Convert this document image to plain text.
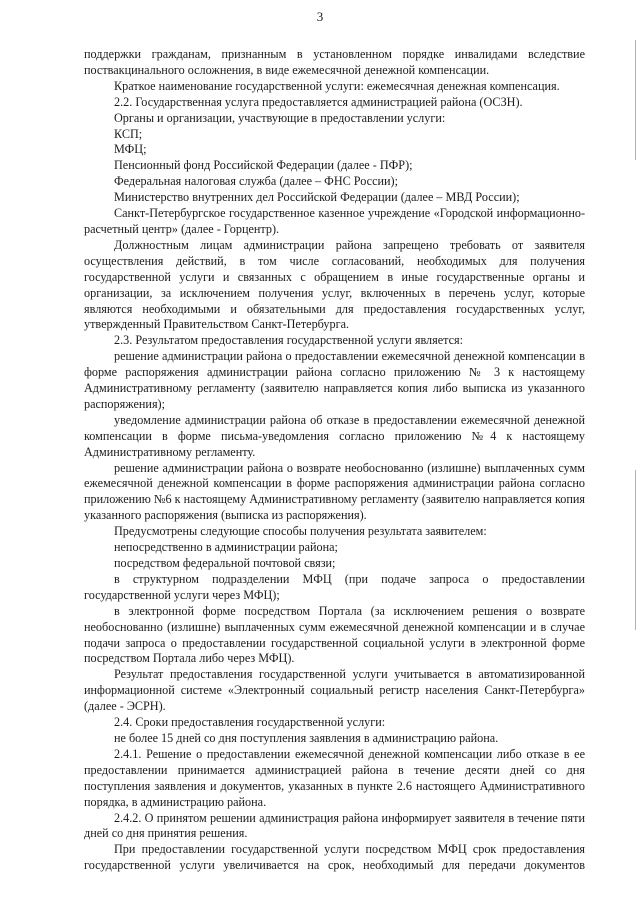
3

поддержки гражданам, признанным в установленном порядке инвалидами вследствие поствакцинального осложнения, в виде ежемесячной денежной компенсации.

Краткое наименование государственной услуги: ежемесячная денежная компенсация.

2.2. Государственная услуга предоставляется администрацией района (ОСЗН).

Органы и организации, участвующие в предоставлении услуги:

КСП;

МФЦ;

Пенсионный фонд Российской Федерации (далее - ПФР);

Федеральная налоговая служба (далее – ФНС России);

Министерство внутренних дел Российской Федерации (далее – МВД России);

Санкт-Петербургское государственное казенное учреждение «Городской информационно-расчетный центр» (далее - Горцентр).

Должностным лицам администрации района запрещено требовать от заявителя осуществления действий, в том числе согласований, необходимых для получения государственной услуги и связанных с обращением в иные государственные органы и организации, за исключением получения услуг, включенных в перечень услуг, которые являются необходимыми и обязательными для предоставления государственных услуг, утвержденный Правительством Санкт-Петербурга.

2.3. Результатом предоставления государственной услуги является:

решение администрации района о предоставлении ежемесячной денежной компенсации в форме распоряжения администрации района согласно приложению № 3 к настоящему Административному регламенту (заявителю направляется копия либо выписка из указанного распоряжения);

уведомление администрации района об отказе в предоставлении ежемесячной денежной компенсации в форме письма-уведомления согласно приложению №4 к настоящему Административному регламенту.

решение администрации района о возврате необоснованно (излишне) выплаченных сумм ежемесячной денежной компенсации в форме распоряжения администрации района согласно приложению №6 к настоящему Административному регламенту (заявителю направляется копия указанного распоряжения (выписка из распоряжения).

Предусмотрены следующие способы получения результата заявителем:

непосредственно в администрации района;

посредством федеральной почтовой связи;

в структурном подразделении МФЦ (при подаче запроса о предоставлении государственной услуги через МФЦ);

в электронной форме посредством Портала (за исключением решения о возврате необоснованно (излишне) выплаченных сумм ежемесячной денежной компенсации и в случае подачи запроса о предоставлении государственной социальной услуги в электронной форме посредством Портала либо через МФЦ).

Результат предоставления государственной услуги учитывается в автоматизированной информационной системе «Электронный социальный регистр населения Санкт-Петербурга» (далее - ЭСРН).

2.4. Сроки предоставления государственной услуги:

не более 15 дней со дня поступления заявления в администрацию района.

2.4.1. Решение о предоставлении ежемесячной денежной компенсации либо отказе в ее предоставлении принимается администрацией района в течение десяти дней со дня поступления заявления и документов, указанных в пункте 2.6 настоящего Административного порядка, в администрацию района.

2.4.2. О принятом решении администрация района информирует заявителя в течение пяти дней со дня принятия решения.

При предоставлении государственной услуги посредством МФЦ срок предоставления государственной услуги увеличивается на срок, необходимый для передачи документов
